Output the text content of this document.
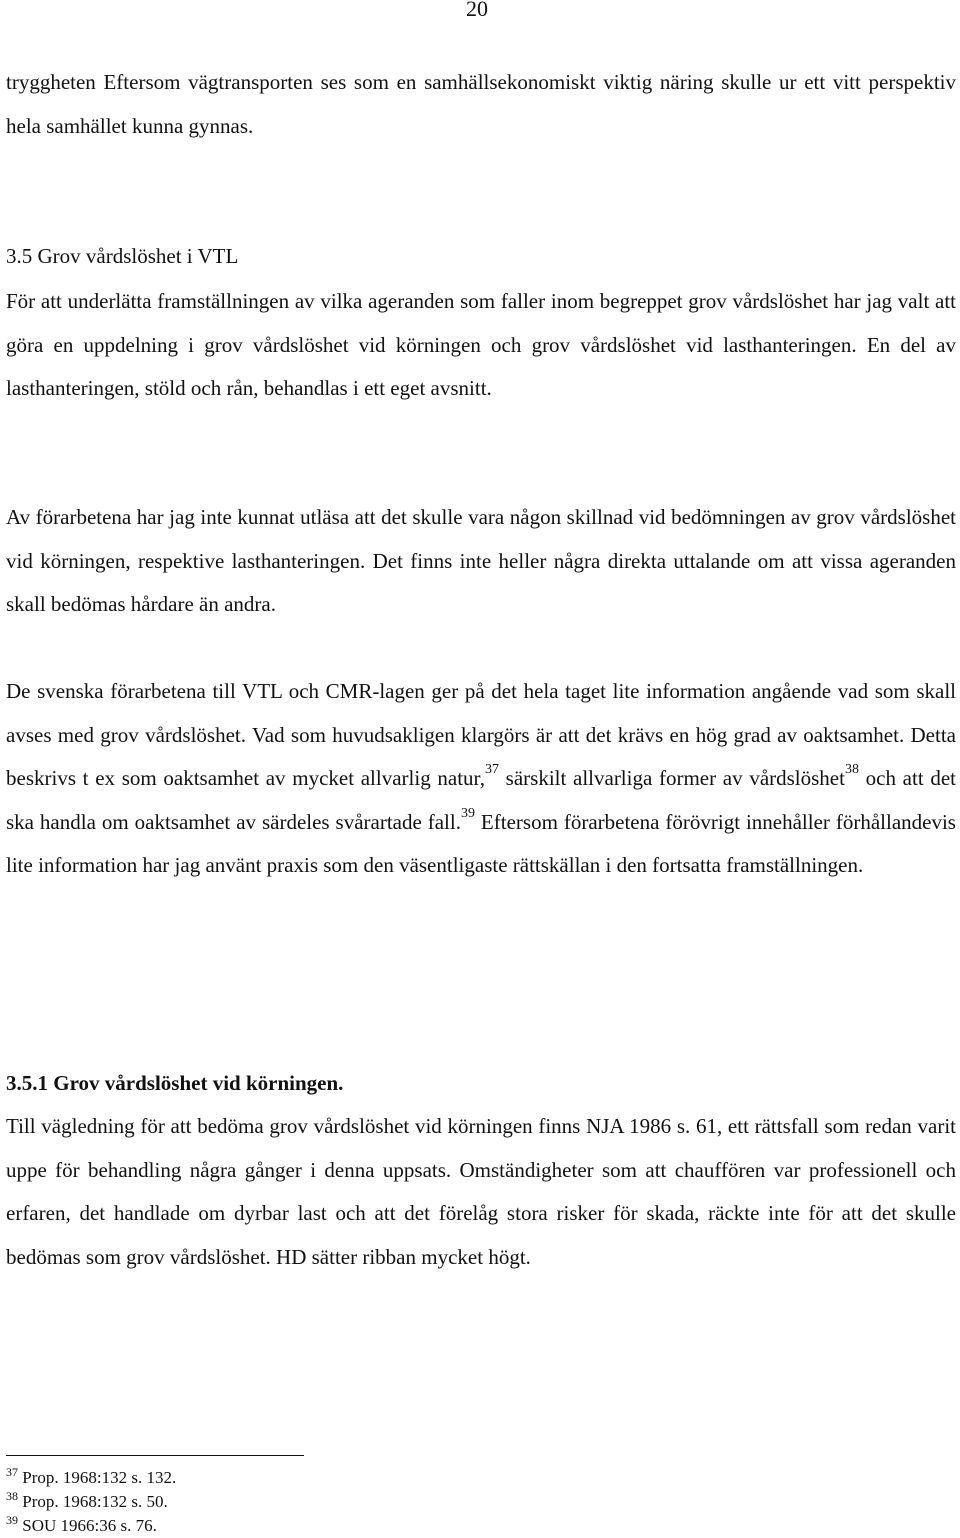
20

tryggheten Eftersom vägtransporten ses som en samhällsekonomiskt viktig näring skulle ur ett vitt perspektiv hela samhället kunna gynnas.

3.5 Grov vårdslöshet i VTL

För att underlätta framställningen av vilka ageranden som faller inom begreppet grov vårdslöshet har jag valt att göra en uppdelning i grov vårdslöshet vid körningen och grov vårdslöshet vid lasthanteringen. En del av lasthanteringen, stöld och rån, behandlas i ett eget avsnitt.

Av förarbetena har jag inte kunnat utläsa att det skulle vara någon skillnad vid bedömningen av grov vårdslöshet vid körningen, respektive lasthanteringen. Det finns inte heller några direkta uttalande om att vissa ageranden skall bedömas hårdare än andra.

De svenska förarbetena till VTL och CMR-lagen ger på det hela taget lite information angående vad som skall avses med grov vårdslöshet. Vad som huvudsakligen klargörs är att det krävs en hög grad av oaktsamhet. Detta beskrivs t ex som oaktsamhet av mycket allvarlig natur,$^{37}$ särskilt allvarliga former av vårdslöshet$^{38}$ och att det ska handla om oaktsamhet av särdeles svårartade fall.$^{39}$ Eftersom förarbetena förövrigt innehåller förhållandevis lite information har jag använt praxis som den väsentligaste rättskällan i den fortsatta framställningen.

3.5.1 Grov vårdslöshet vid körningen.

Till vägledning för att bedöma grov vårdslöshet vid körningen finns NJA 1986 s. 61, ett rättsfall som redan varit uppe för behandling några gånger i denna uppsats. Omständigheter som att chauffören var professionell och erfaren, det handlade om dyrbar last och att det förelåg stora risker för skada, räckte inte för att det skulle bedömas som grov vårdslöshet. HD sätter ribban mycket högt.

$^{37}$ Prop. 1968:132 s. 132.
$^{38}$ Prop. 1968:132 s. 50.
$^{39}$ SOU 1966:36 s. 76.
